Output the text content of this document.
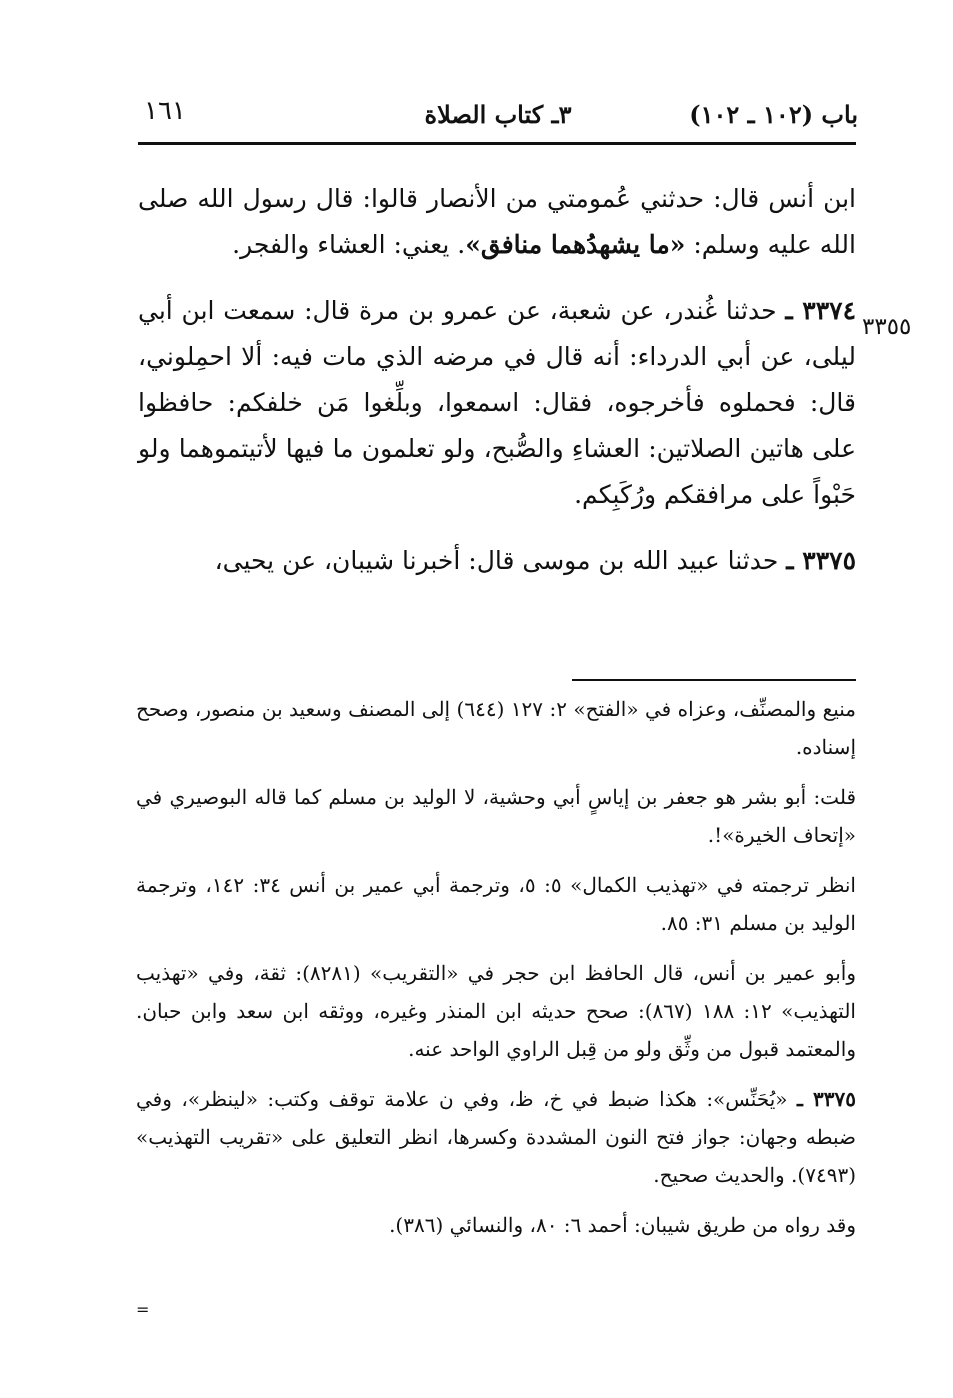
باب (١٠٢ ـ ١٠٢)
٣ـ كتاب الصلاة
١٦١
٣٣٥٥

ابن أنس قال: حدثني عُمومتي من الأنصار قالوا: قال رسول الله صلى الله عليه وسلم: «ما يشهدُهما منافق». يعني: العشاء والفجر.

٣٣٧٤ ـ حدثنا غُندر، عن شعبة، عن عمرو بن مرة قال: سمعت ابن أبي ليلى، عن أبي الدرداء: أنه قال في مرضه الذي مات فيه: ألا احمِلوني، قال: فحملوه فأخرجوه، فقال: اسمعوا، وبلِّغوا مَن خلفكم: حافظوا على هاتين الصلاتين: العشاءِ والصُّبح، ولو تعلمون ما فيها لأتيتموهما ولو حَبْواً على مرافقكم ورُكَبِكم.

٣٣٧٥ ـ حدثنا عبيد الله بن موسى قال: أخبرنا شيبان، عن يحيى،

منيع والمصنِّف، وعزاه في «الفتح» ٢: ١٢٧ (٦٤٤) إلى المصنف وسعيد بن منصور، وصحح إسناده.

قلت: أبو بشر هو جعفر بن إياسٍ أبي وحشية، لا الوليد بن مسلم كما قاله البوصيري في «إتحاف الخيرة»!.

انظر ترجمته في «تهذيب الكمال» ٥: ٥، وترجمة أبي عمير بن أنس ٣٤: ١٤٢، وترجمة الوليد بن مسلم ٣١: ٨٥.

وأبو عمير بن أنس، قال الحافظ ابن حجر في «التقريب» (٨٢٨١): ثقة، وفي «تهذيب التهذيب» ١٢: ١٨٨ (٨٦٧): صحح حديثه ابن المنذر وغيره، ووثقه ابن سعد وابن حبان. والمعتمد قبول من وثِّق ولو من قِبل الراوي الواحد عنه.

٣٣٧٥ ـ «يُحَنِّس»: هكذا ضبط في خ، ظ، وفي ن علامة توقف وكتب: «لينظر»، وفي ضبطه وجهان: جواز فتح النون المشددة وكسرها، انظر التعليق على «تقريب التهذيب» (٧٤٩٣). والحديث صحيح.

وقد رواه من طريق شيبان: أحمد ٦: ٨٠، والنسائي (٣٨٦).

=
